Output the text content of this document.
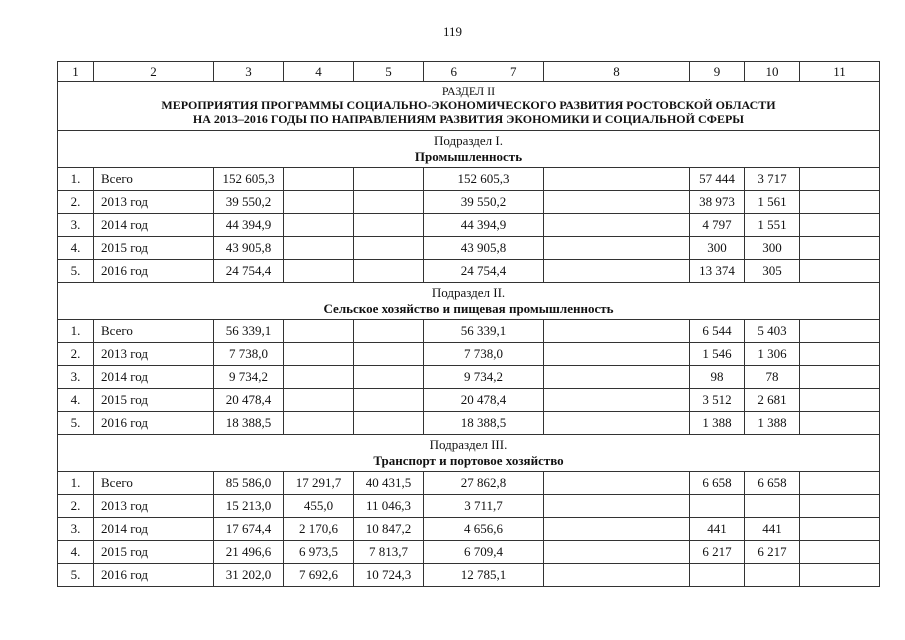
119
1	2	3	4	5	6 7	8	9	10	11

РАЗДЕЛ II
МЕРОПРИЯТИЯ ПРОГРАММЫ СОЦИАЛЬНО-ЭКОНОМИЧЕСКОГО РАЗВИТИЯ РОСТОВСКОЙ ОБЛАСТИ
НА 2013–2016 ГОДЫ ПО НАПРАВЛЕНИЯМ РАЗВИТИЯ ЭКОНОМИКИ И СОЦИАЛЬНОЙ СФЕРЫ									

Подраздел I.
Промышленность									

1.	Всего	152 605,3			152 605,3		57 444	3 717	
2.	2013 год	39 550,2			39 550,2		38 973	1 561	
3.	2014 год	44 394,9			44 394,9		4 797	1 551	
4.	2015 год	43 905,8			43 905,8		300	300	
5.	2016 год	24 754,4			24 754,4		13 374	305	

Подраздел II.
Сельское хозяйство и пищевая промышленность									

1.	Всего	56 339,1			56 339,1		6 544	5 403	
2.	2013 год	7 738,0			7 738,0		1 546	1 306	
3.	2014 год	9 734,2			9 734,2		98	78	
4.	2015 год	20 478,4			20 478,4		3 512	2 681	
5.	2016 год	18 388,5			18 388,5		1 388	1 388	

Подраздел III.
Транспорт и портовое хозяйство									

1.	Всего	85 586,0	17 291,7	40 431,5	27 862,8		6 658	6 658	
2.	2013 год	15 213,0	455,0	11 046,3	3 711,7				
3.	2014 год	17 674,4	2 170,6	10 847,2	4 656,6		441	441	
4.	2015 год	21 496,6	6 973,5	7 813,7	6 709,4		6 217	6 217	
5.	2016 год	31 202,0	7 692,6	10 724,3	12 785,1				
